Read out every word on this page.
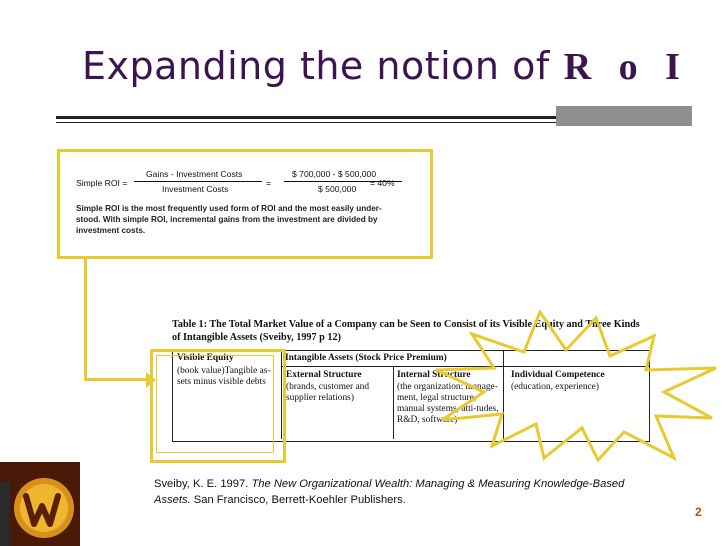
Expanding the notion of R o I
Simple ROI =
Gains - Investment Costs
Investment Costs
=
$ 700,000 - $ 500,000
$ 500,000
= 40%
Simple ROI is the most frequently used form of ROI and the most easily under-stood. With simple ROI, incremental gains from the investment are divided by investment costs.
Table 1: The Total Market Value of a Company can be Seen to Consist of its Visible Equity and Three Kinds of Intangible Assets (Sveiby, 1997 p 12)
Visible Equity
(book value)Tangible as-sets minus visible debts
Intangible Assets (Stock Price Premium)
External Structure
(brands, customer and supplier relations)
Internal Structure
(the organization: manage-ment, legal structure, manual systems, atti-tudes, R&D, software)
Individual Competence
(education, experience)
Sveiby, K. E. 1997. The New Organizational Wealth: Managing & Measuring Knowledge-Based Assets. San Francisco, Berrett-Koehler Publishers.
2
